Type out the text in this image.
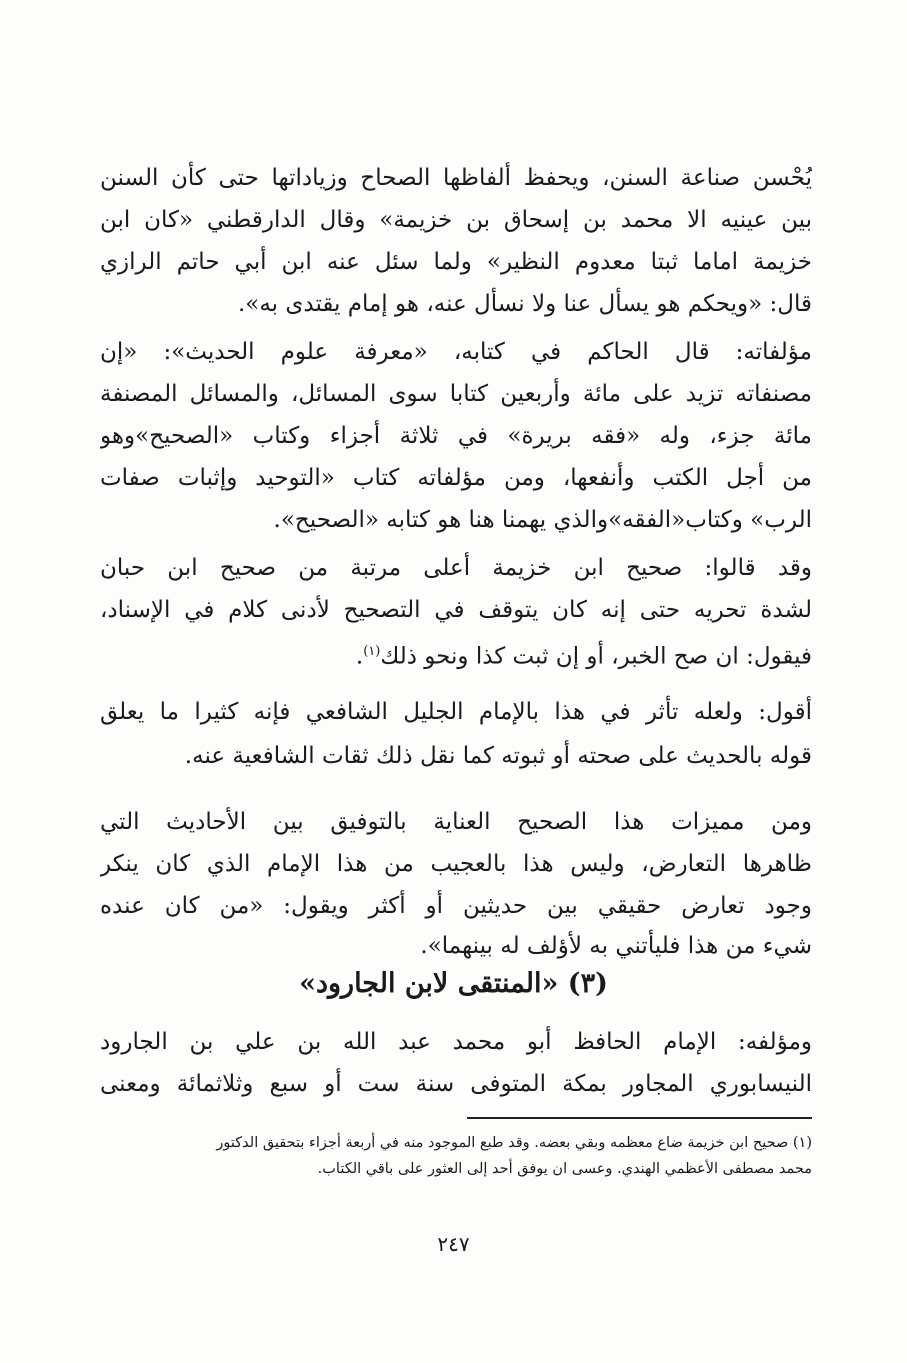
يُحْسن صناعة السنن، ويحفظ ألفاظها الصحاح وزياداتها حتى كأن السنن
بين عينيه الا محمد بن إسحاق بن خزيمة» وقال الدارقطني «كان ابن
خزيمة اماما ثبتا معدوم النظير» ولما سئل عنه ابن أبي حاتم الرازي
قال: «ويحكم هو يسأل عنا ولا نسأل عنه، هو إمام يقتدى به».
مؤلفاته: قال الحاكم في كتابه، «معرفة علوم الحديث»: «إن
مصنفاته تزيد على مائة وأربعين كتابا سوى المسائل، والمسائل المصنفة
مائة جزء، وله «فقه بريرة» في ثلاثة أجزاء وكتاب «الصحيح»وهو
من أجل الكتب وأنفعها، ومن مؤلفاته كتاب «التوحيد وإثبات صفات
الرب» وكتاب«الفقه»والذي يهمنا هنا هو كتابه «الصحيح».
وقد قالوا: صحيح ابن خزيمة أعلى مرتبة من صحيح ابن حبان
لشدة تحريه حتى إنه كان يتوقف في التصحيح لأدنى كلام في الإسناد،
فيقول: ان صح الخبر، أو إن ثبت كذا ونحو ذلك$^{(١)}$.
أقول: ولعله تأثر في هذا بالإمام الجليل الشافعي فإنه كثيرا ما يعلق
قوله بالحديث على صحته أو ثبوته كما نقل ذلك ثقات الشافعية عنه.
ومن مميزات هذا الصحيح العناية بالتوفيق بين الأحاديث التي
ظاهرها التعارض، وليس هذا بالعجيب من هذا الإمام الذي كان ينكر
وجود تعارض حقيقي بين حديثين أو أكثر ويقول: «من كان عنده
شيء من هذا فليأتني به لأؤلف له بينهما».
(٣) «المنتقى لابن الجارود»
ومؤلفه: الإمام الحافظ أبو محمد عبد الله بن علي بن الجارود
النيسابوري المجاور بمكة المتوفى سنة ست أو سبع وثلاثمائة ومعنى
(١) صحيح ابن خزيمة ضاع معظمه وبقي بعضه. وقد طبع الموجود منه في أربعة أجزاء بتحقيق الدكتور
محمد مصطفى الأعظمي الهندي. وعسى ان يوفق أحد إلى العثور على باقي الكتاب.
٢٤٧
